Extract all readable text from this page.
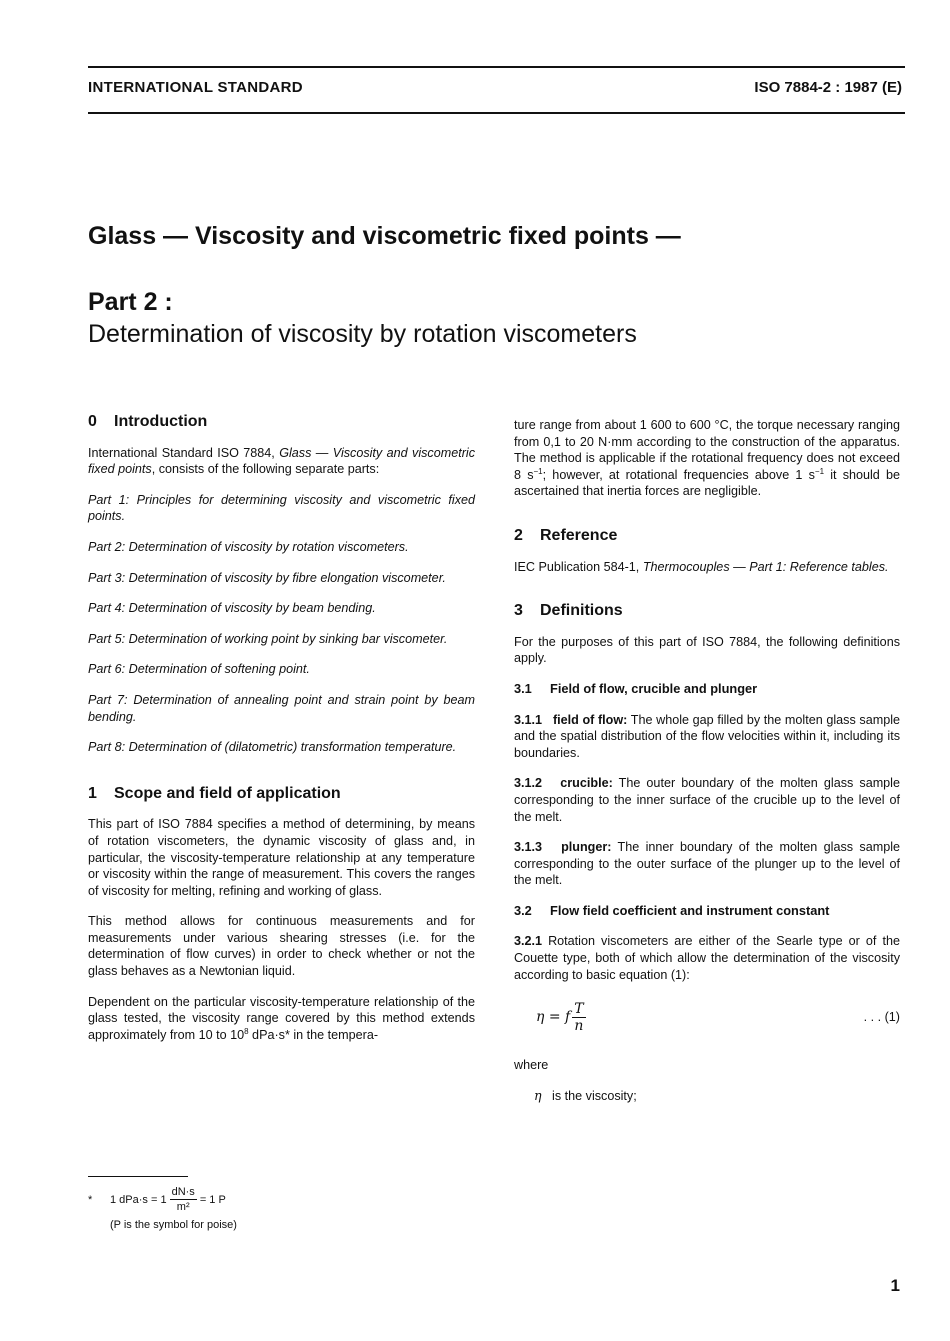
INTERNATIONAL STANDARD	ISO 7884-2 : 1987 (E)
Glass — Viscosity and viscometric fixed points —
Part 2 :
Determination of viscosity by rotation viscometers
0 Introduction

International Standard ISO 7884, Glass — Viscosity and viscometric fixed points, consists of the following separate parts:

Part 1: Principles for determining viscosity and viscometric fixed points.

Part 2: Determination of viscosity by rotation viscometers.

Part 3: Determination of viscosity by fibre elongation viscometer.

Part 4: Determination of viscosity by beam bending.

Part 5: Determination of working point by sinking bar viscometer.

Part 6: Determination of softening point.

Part 7: Determination of annealing point and strain point by beam bending.

Part 8: Determination of (dilatometric) transformation temperature.

1 Scope and field of application

This part of ISO 7884 specifies a method of determining, by means of rotation viscometers, the dynamic viscosity of glass and, in particular, the viscosity-temperature relationship at any temperature or viscosity within the range of measurement. This covers the ranges of viscosity for melting, refining and working of glass.

This method allows for continuous measurements and for measurements under various shearing stresses (i.e. for the determination of flow curves) in order to check whether or not the glass behaves as a Newtonian liquid.

Dependent on the particular viscosity-temperature relationship of the glass tested, the viscosity range covered by this method extends approximately from 10 to $10^8$ dPa·s* in the tempera-

ture range from about 1 600 to 600 °C, the torque necessary ranging from 0,1 to 20 N·mm according to the construction of the apparatus. The method is applicable if the rotational frequency does not exceed 8 $s^{-1}$; however, at rotational frequencies above 1 $s^{-1}$ it should be ascertained that inertia forces are negligible.

2 Reference

IEC Publication 584-1, Thermocouples — Part 1: Reference tables.

3 Definitions

For the purposes of this part of ISO 7884, the following definitions apply.

3.1 Field of flow, crucible and plunger

3.1.1 field of flow: The whole gap filled by the molten glass sample and the spatial distribution of the flow velocities within it, including its boundaries.

3.1.2 crucible: The outer boundary of the molten glass sample corresponding to the inner surface of the crucible up to the level of the melt.

3.1.3 plunger: The inner boundary of the molten glass sample corresponding to the outer surface of the plunger up to the level of the melt.

3.2 Flow field coefficient and instrument constant

3.2.1 Rotation viscometers are either of the Searle type or of the Couette type, both of which allow the determination of the viscosity according to basic equation (1):

η = f $\frac{T}{n}$	. . . (1)

where

η is the viscosity;

*	1 $dPa\cdot s = 1 \frac{dN\cdot s}{\text{m²}} = 1$ P
(P is the symbol for poise)
1
